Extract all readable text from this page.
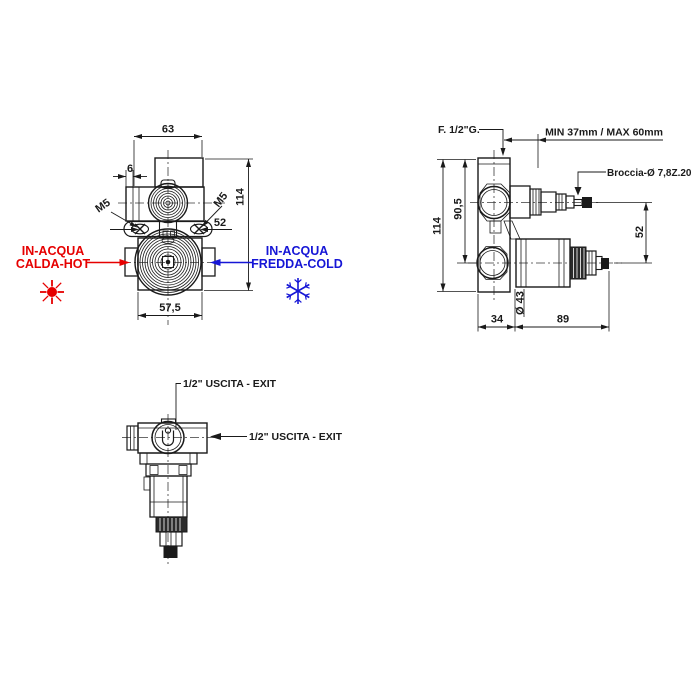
63
6
114
52
57,5
M5	M5
IN-ACQUA
CALDA-HOT
IN-ACQUA
FREDDA-COLD
F. 1/2"G.	MIN 37mm / MAX 60mm
Broccia-Ø 7,8Z.20
90,5
114	52
Ø 43
34	89
1/2" USCITA - EXIT
1/2" USCITA - EXIT
